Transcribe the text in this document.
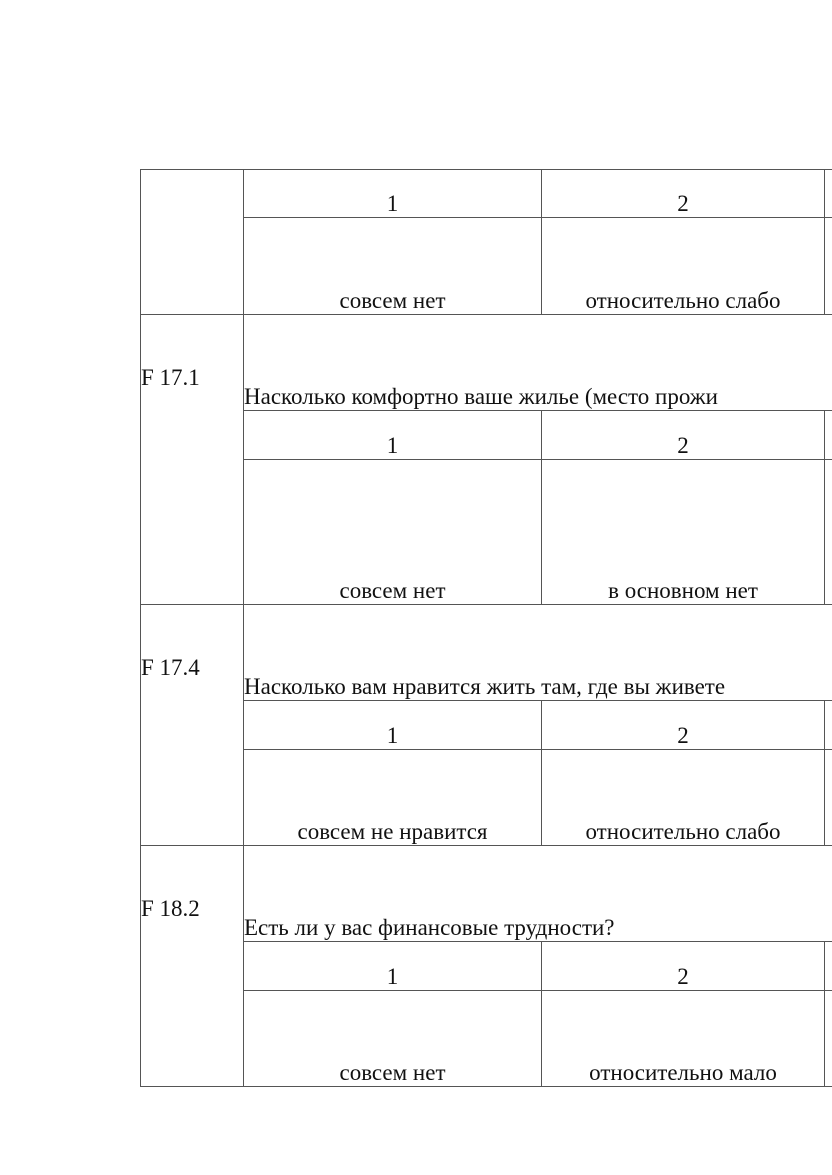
	1	2	
	совсем нет	относительно слабо	
F 17.1	Насколько комфортно ваше жилье (место прожи		
	1	2	
	совсем нет	в основном нет	
F 17.4	Насколько вам нравится жить там, где вы живете		
	1	2	
	совсем не нравится	относительно слабо	
F 18.2	Есть ли у вас финансовые трудности?		
	1	2	
	совсем нет	относительно мало	
